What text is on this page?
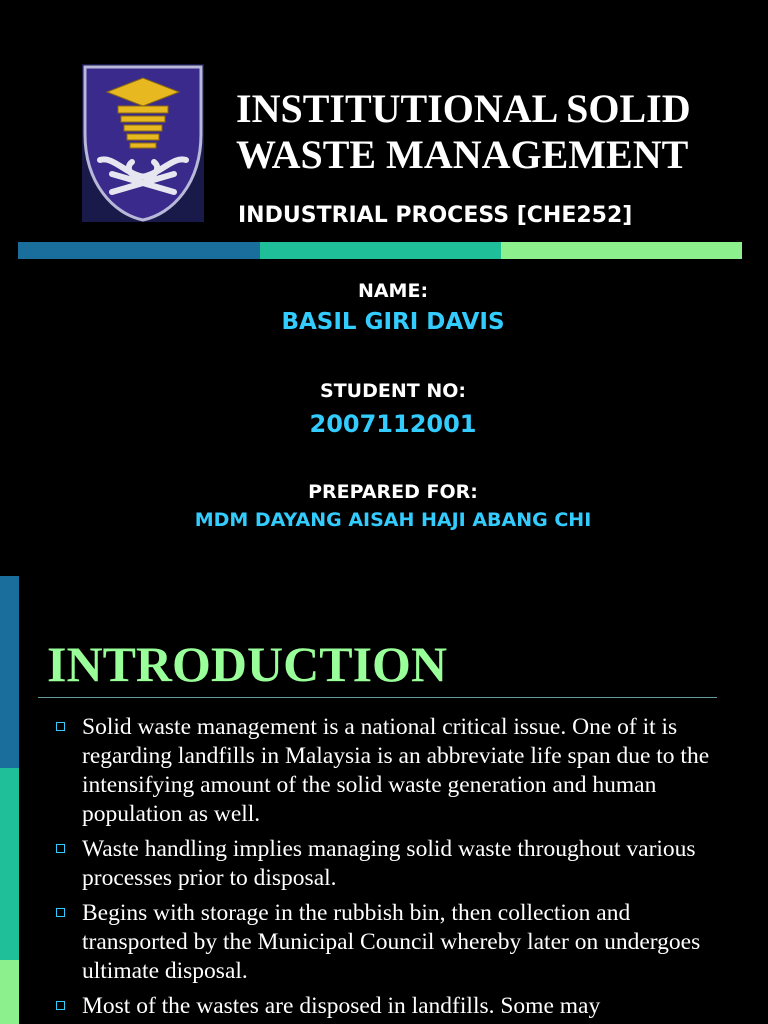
INSTITUTIONAL SOLID
WASTE MANAGEMENT

INDUSTRIAL PROCESS [CHE252]

NAME:

BASIL GIRI DAVIS

STUDENT NO:

2007112001

PREPARED FOR:

MDM DAYANG AISAH HAJI ABANG CHI

INTRODUCTION
Solid waste management is a national critical issue. One of it is regarding landfills in Malaysia is an abbreviate life span due to the intensifying amount of the solid waste generation and human population as well.
Waste handling implies managing solid waste throughout various processes prior to disposal.
Begins with storage in the rubbish bin, then collection and transported by the Municipal Council whereby later on undergoes ultimate disposal.
Most of the wastes are disposed in landfills. Some may
